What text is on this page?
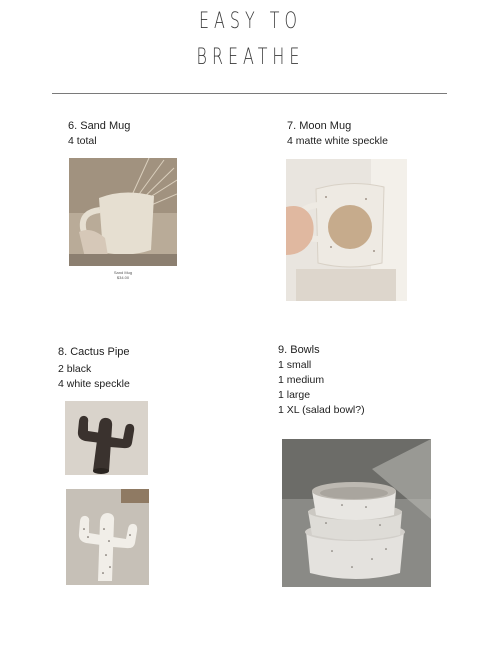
EASY TO
BREATHE
6. Sand Mug
4 total
Sand Mug
$34.00
7. Moon Mug
4 matte white speckle
8. Cactus Pipe
2 black
4 white speckle
9. Bowls
1 small
1 medium
1 large
1 XL (salad bowl?)
